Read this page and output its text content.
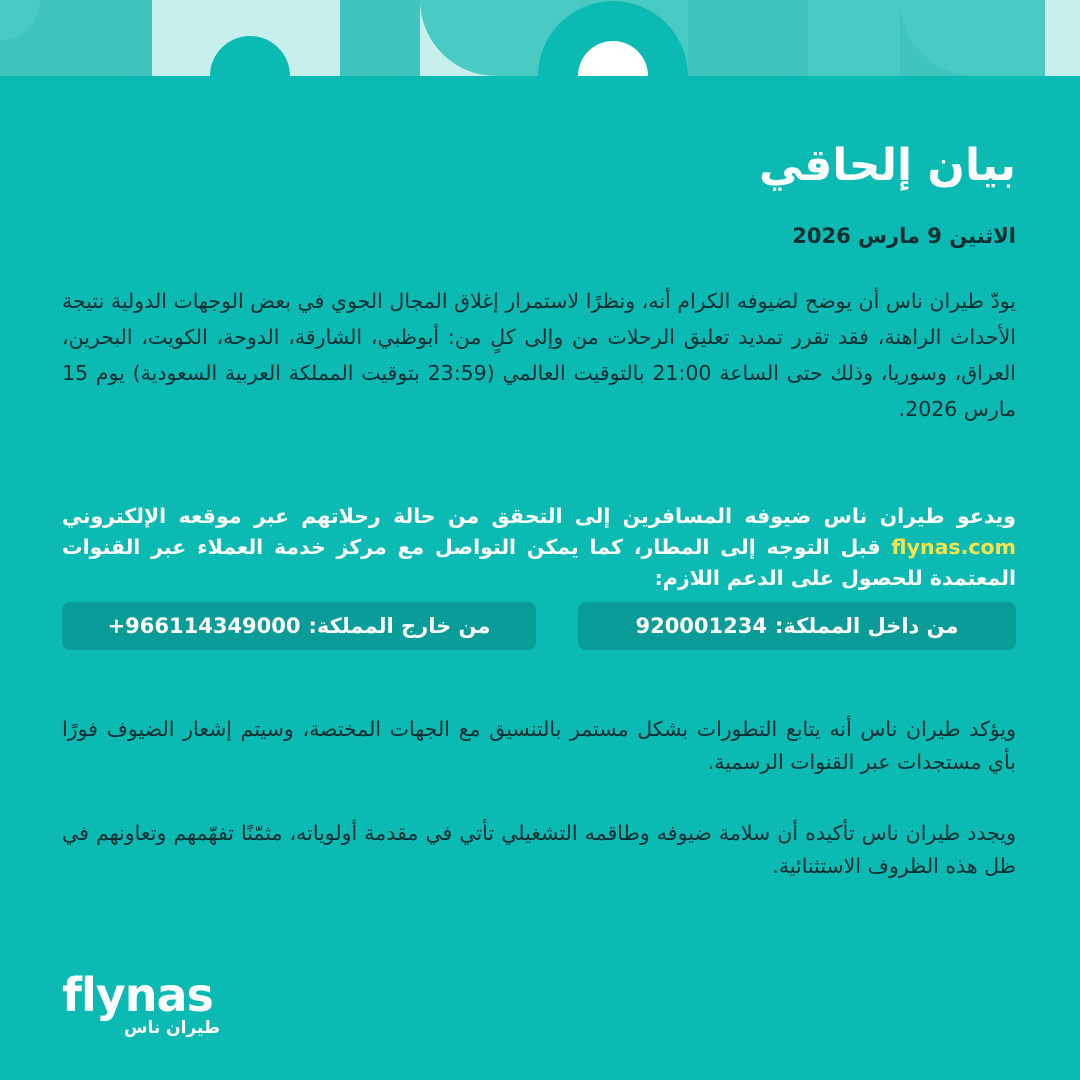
بيان إلحاقي
الاثنين 9 مارس 2026

يودّ طيران ناس أن يوضح لضيوفه الكرام أنه، ونظرًا لاستمرار إغلاق المجال الجوي في بعض الوجهات الدولية نتيجة الأحداث الراهنة، فقد تقرر تمديد تعليق الرحلات من وإلى كلٍ من: أبوظبي، الشارقة، الدوحة، الكويت، البحرين، العراق، وسوريا، وذلك حتى الساعة 21:00 بالتوقيت العالمي (23:59 بتوقيت المملكة العربية السعودية) يوم 15 مارس 2026.

ويدعو طيران ناس ضيوفه المسافرين إلى التحقق من حالة رحلاتهم عبر موقعه الإلكتروني flynas.com قبل التوجه إلى المطار، كما يمكن التواصل مع مركز خدمة العملاء عبر القنوات المعتمدة للحصول على الدعم اللازم:

من داخل المملكة:
920001234
من خارج المملكة:
+966114349000

ويؤكد طيران ناس أنه يتابع التطورات بشكل مستمر بالتنسيق مع الجهات المختصة، وسيتم إشعار الضيوف فورًا بأي مستجدات عبر القنوات الرسمية.

ويجدد طيران ناس تأكيده أن سلامة ضيوفه وطاقمه التشغيلي تأتي في مقدمة أولوياته، مثمّنًا تفهّمهم وتعاونهم في ظل هذه الظروف الاستثنائية.

flynas
طيران ناس
